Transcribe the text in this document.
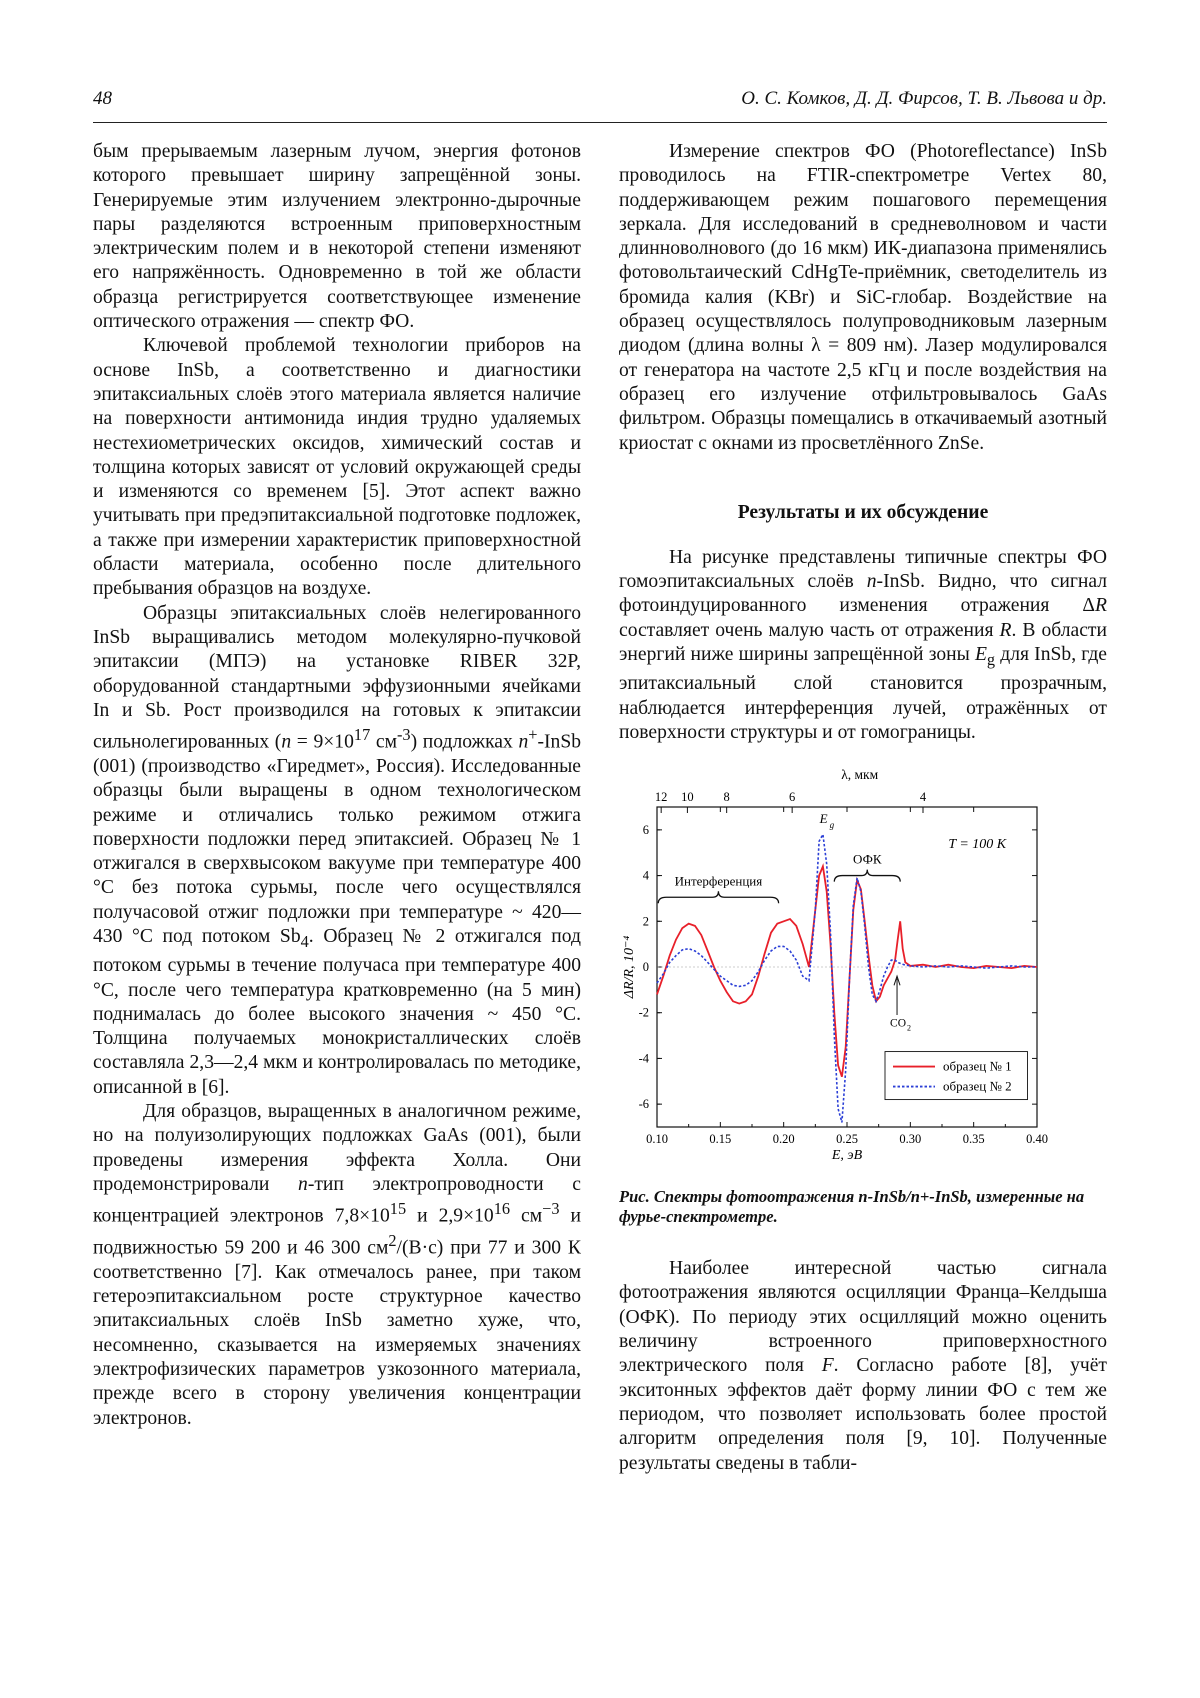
48	О. С. Комков, Д. Д. Фирсов, Т. В. Львова и др.

бым прерываемым лазерным лучом, энергия фотонов которого превышает ширину запрещённой зоны. Генерируемые этим излучением электронно-дырочные пары разделяются встроенным приповерхностным электрическим полем и в некоторой степени изменяют его напряжённость. Одновременно в той же области образца регистрируется соответствующее изменение оптического отражения — спектр ФО.

Ключевой проблемой технологии приборов на основе InSb, а соответственно и диагностики эпитаксиальных слоёв этого материала является наличие на поверхности антимонида индия трудно удаляемых нестехиометрических оксидов, химический состав и толщина которых зависят от условий окружающей среды и изменяются со временем [5]. Этот аспект важно учитывать при предэпитаксиальной подготовке подложек, а также при измерении характеристик приповерхностной области материала, особенно после длительного пребывания образцов на воздухе.

Образцы эпитаксиальных слоёв нелегированного InSb выращивались методом молекулярно-пучковой эпитаксии (МПЭ) на установке RIBER 32P, оборудованной стандартными эффузионными ячейками In и Sb. Рост производился на готовых к эпитаксии сильнолегированных ($n = 9\times 10^{17}$ $см^{-3}$) подложках n+-InSb (001) (производство «Гиредмет», Россия). Исследованные образцы были выращены в одном технологическом режиме и отличались только режимом отжига поверхности подложки перед эпитаксией. Образец № 1 отжигался в сверхвысоком вакууме при температуре 400 °С без потока сурьмы, после чего осуществлялся получасовой отжиг подложки при температуре ~ 420—430 °С под потоком $Sb_4$. Образец № 2 отжигался под потоком сурьмы в течение получаса при температуре 400 °С, после чего температура кратковременно (на 5 мин) поднималась до более высокого значения ~ 450 °С. Толщина получаемых монокристаллических слоёв составляла 2,3—2,4 мкм и контролировалась по методике, описанной в [6].

Для образцов, выращенных в аналогичном режиме, но на полуизолирующих подложках GaAs (001), были проведены измерения эффекта Холла. Они продемонстрировали n-тип электропроводности с концентрацией электронов $7,8\times 10^{15}$ и $2,9\times 10^{16}$ $см^{-3}$ и подвижностью 59 200 и 46 300 $см^2/(В\cdot с)$ при 77 и 300 К соответственно [7]. Как отмечалось ранее, при таком гетероэпитаксиальном росте структурное качество эпитаксиальных слоёв InSb заметно хуже, что, несомненно, сказывается на измеряемых значениях электрофизических параметров узкозонного материала, прежде всего в сторону увеличения концентрации электронов.

Измерение спектров ФО (Photoreflectance) InSb проводилось на FTIR-спектрометре Vertex 80, поддерживающем режим пошагового перемещения зеркала. Для исследований в средневолновом и части длинноволнового (до 16 мкм) ИК-диапазона применялись фотовольтаический CdHgTe-приёмник, светоделитель из бромида калия (KBr) и SiC-глобар. Воздействие на образец осуществлялось полупроводниковым лазерным диодом (длина волны λ = 809 нм). Лазер модулировался от генератора на частоте 2,5 кГц и после воздействия на образец его излучение отфильтровывалось GaAs фильтром. Образцы помещались в откачиваемый азотный криостат с окнами из просветлённого ZnSe.

Результаты и их обсуждение

На рисунке представлены типичные спектры ФО гомоэпитаксиальных слоёв n-InSb. Видно, что сигнал фотоиндуцированного изменения отражения ΔR составляет очень малую часть от отражения R. В области энергий ниже ширины запрещённой зоны $E_g$ для InSb, где эпитаксиальный слой становится прозрачным, наблюдается интерференция лучей, отражённых от поверхности структуры и от гомограницы.

0.10	0.15	0.20	0.25	0.30	0.35	0.40
-6
-4
-2
0
2
4
6
12 10 8	6	4
λ, мкм
E, эВ
ΔR/R, 10⁻⁴
Интерференция
ОФК
E g
T = 100 K
CO 2
образец № 1
образец № 2

Рис. Спектры фотоотражения n-InSb/n+-InSb, измеренные на фурье-спектрометре.

Наиболее интересной частью сигнала фотоотражения являются осцилляции Франца–Келдыша (ОФК). По периоду этих осцилляций можно оценить величину встроенного приповерхностного электрического поля F. Согласно работе [8], учёт экситонных эффектов даёт форму линии ФО с тем же периодом, что позволяет использовать более простой алгоритм определения поля [9, 10]. Полученные результаты сведены в табли-
